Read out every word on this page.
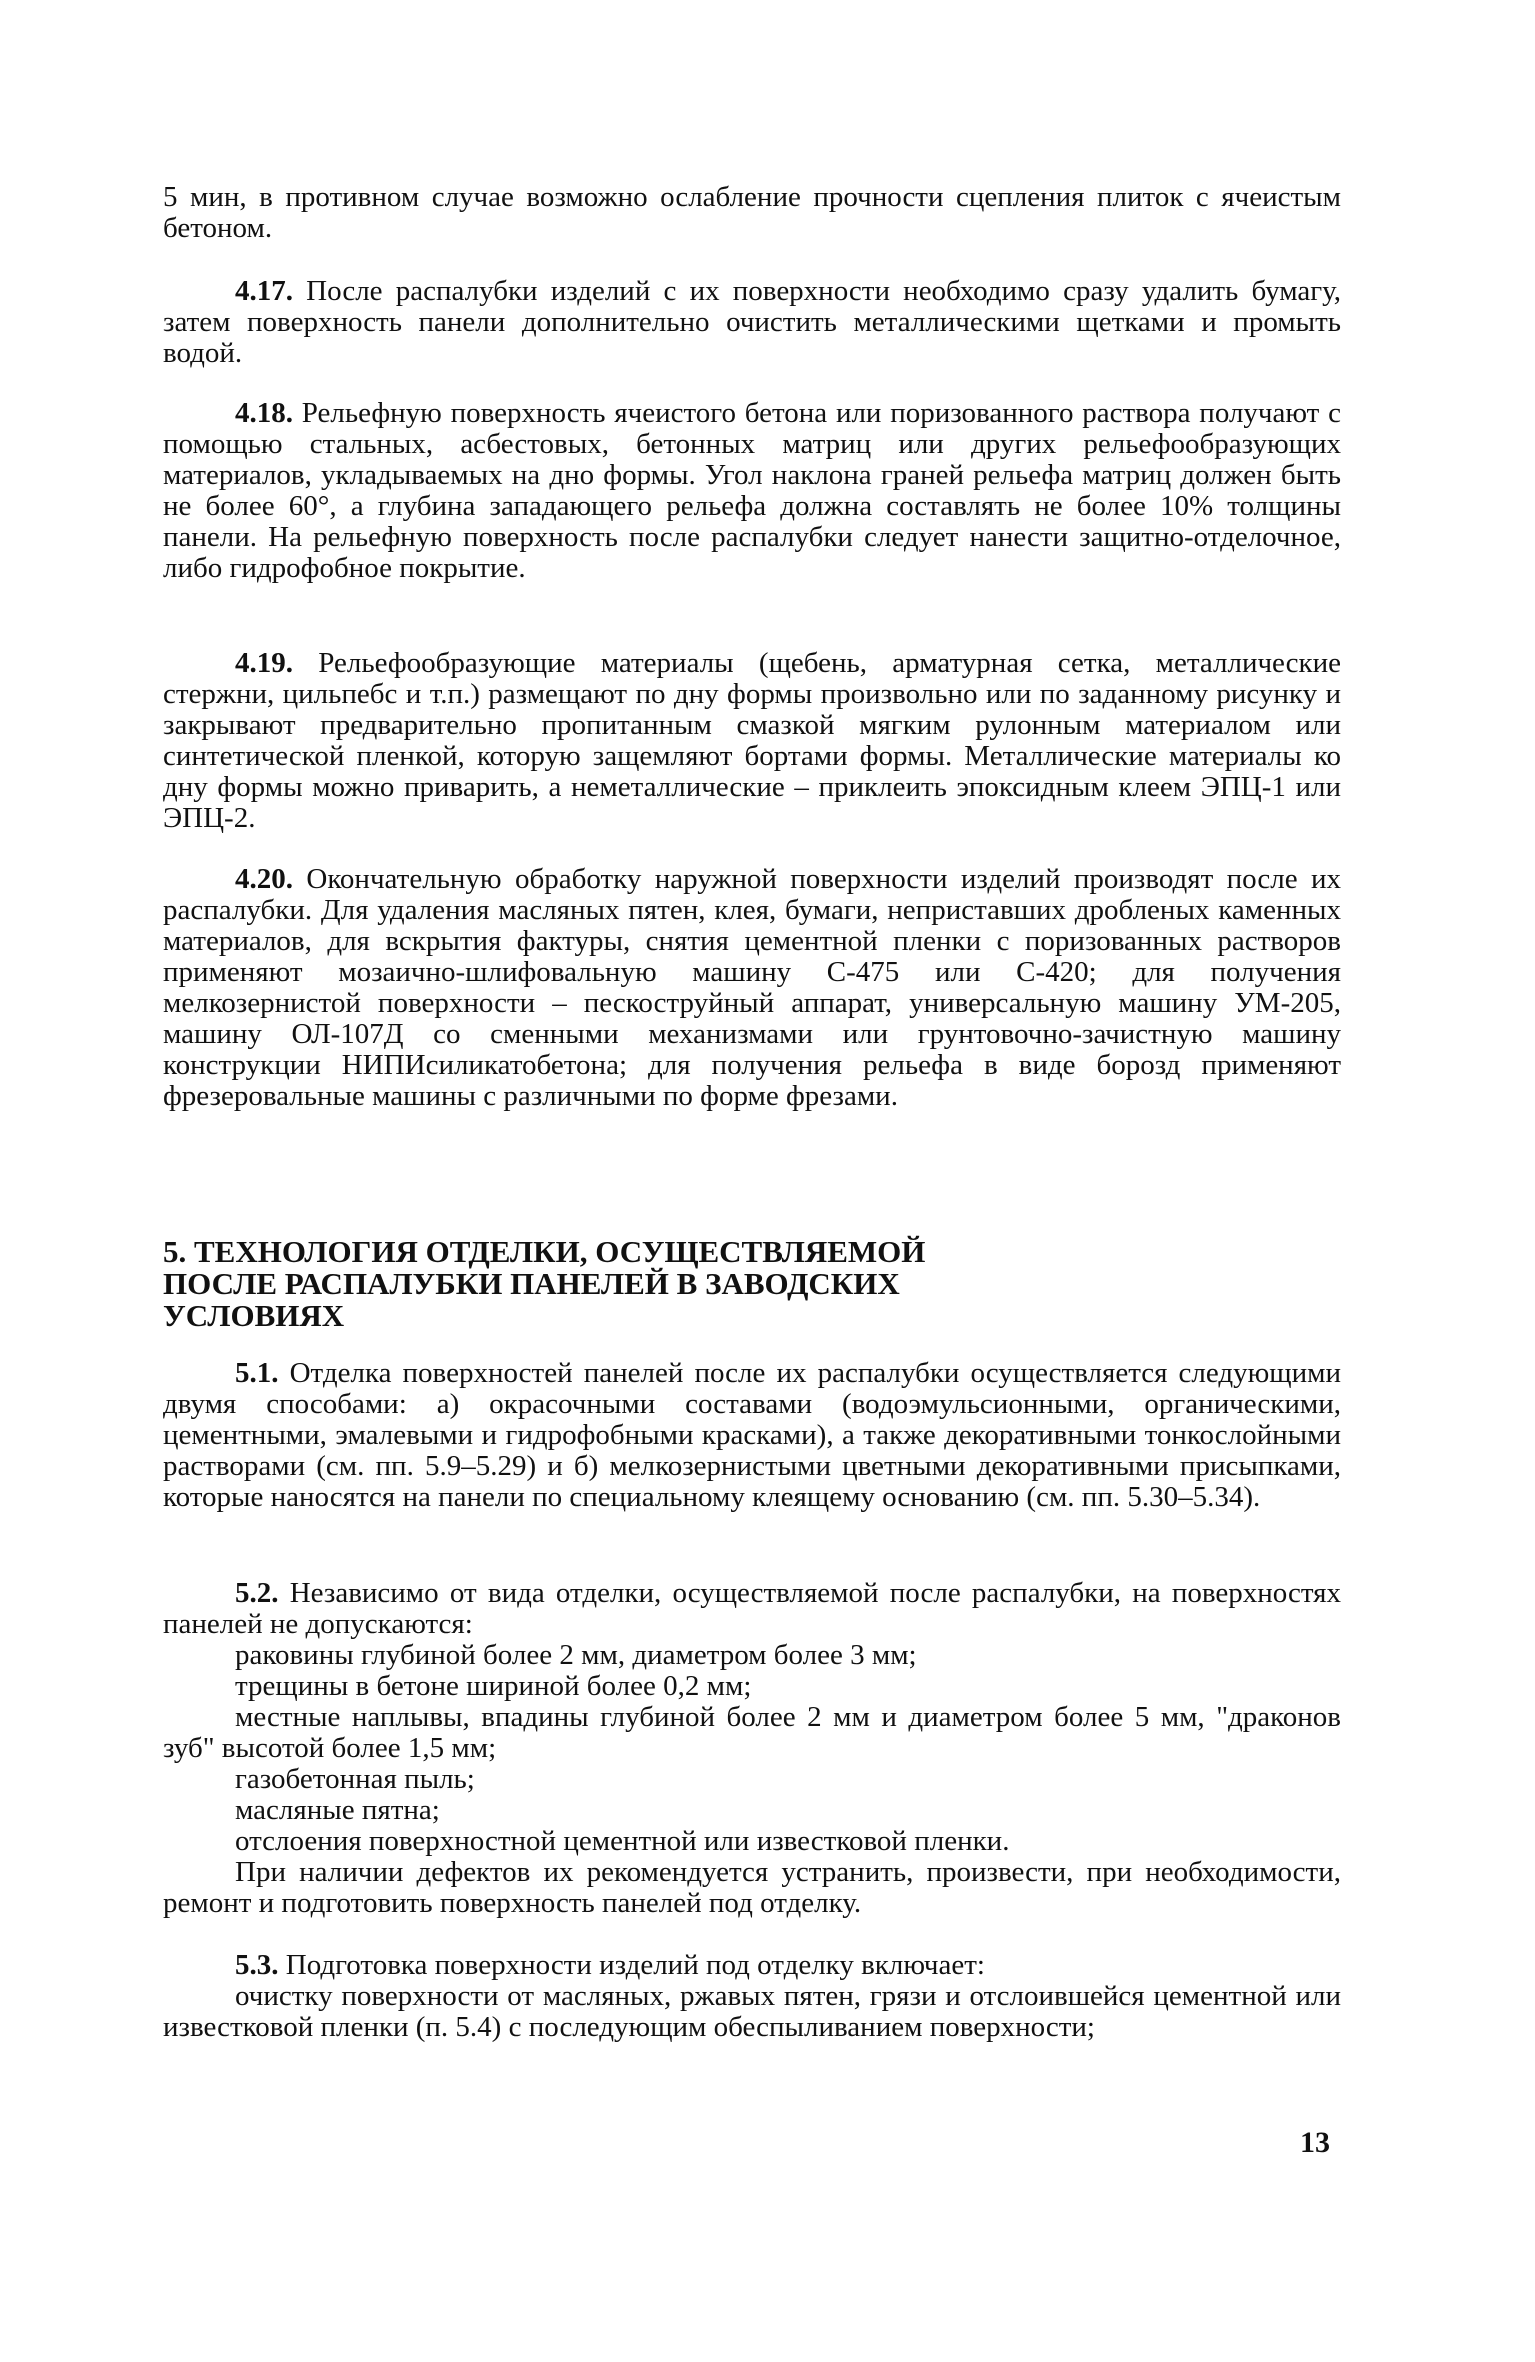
5 мин, в противном случае возможно ослабление прочности сцепления плиток с ячеистым бетоном.

4.17. После распалубки изделий с их поверхности необходимо сразу удалить бумагу, затем поверхность панели дополнительно очистить металлическими щетками и промыть водой.

4.18. Рельефную поверхность ячеистого бетона или поризованного раствора получают с помощью стальных, асбестовых, бетонных матриц или других рельефообразующих материалов, укладываемых на дно формы. Угол наклона граней рельефа матриц должен быть не более 60°, а глубина западающего рельефа должна составлять не более 10% толщины панели. На рельефную поверхность после распалубки следует нанести защитно-отделочное, либо гидрофобное покрытие.

4.19. Рельефообразующие материалы (щебень, арматурная сетка, металлические стержни, цильпебс и т.п.) размещают по дну формы произвольно или по заданному рисунку и закрывают предварительно пропитанным смазкой мягким рулонным материалом или синтетической пленкой, которую защемляют бортами формы. Металлические материалы ко дну формы можно приварить, а неметаллические – приклеить эпоксидным клеем ЭПЦ-1 или ЭПЦ-2.

4.20. Окончательную обработку наружной поверхности изделий производят после их распалубки. Для удаления масляных пятен, клея, бумаги, неприставших дробленых каменных материалов, для вскрытия фактуры, снятия цементной пленки с поризованных растворов применяют мозаично-шлифовальную машину С-475 или С-420; для получения мелкозернистой поверхности – пескоструйный аппарат, универсальную машину УМ-205, машину ОЛ-107Д со сменными механизмами или грунтовочно-зачистную машину конструкции НИПИсиликатобетона; для получения рельефа в виде борозд применяют фрезеровальные машины с различными по форме фрезами.

5. ТЕХНОЛОГИЯ ОТДЕЛКИ, ОСУЩЕСТВЛЯЕМОЙ
ПОСЛЕ РАСПАЛУБКИ ПАНЕЛЕЙ В ЗАВОДСКИХ
УСЛОВИЯХ

5.1. Отделка поверхностей панелей после их распалубки осуществляется следующими двумя способами: а) окрасочными составами (водоэмульсионными, органическими, цементными, эмалевыми и гидрофобными красками), а также декоративными тонкослойными растворами (см. пп. 5.9–5.29) и б) мелкозернистыми цветными декоративными присыпками, которые наносятся на панели по специальному клеящему основанию (см. пп. 5.30–5.34).

5.2. Независимо от вида отделки, осуществляемой после распалубки, на поверхностях панелей не допускаются:

раковины глубиной более 2 мм, диаметром более 3 мм;

трещины в бетоне шириной более 0,2 мм;

местные наплывы, впадины глубиной более 2 мм и диаметром более 5 мм, "драконов зуб" высотой более 1,5 мм;

газобетонная пыль;

масляные пятна;

отслоения поверхностной цементной или известковой пленки.

При наличии дефектов их рекомендуется устранить, произвести, при необходимости, ремонт и подготовить поверхность панелей под отделку.

5.3. Подготовка поверхности изделий под отделку включает:

очистку поверхности от масляных, ржавых пятен, грязи и отслоившейся цементной или известковой пленки (п. 5.4) с последующим обеспыливанием поверхности;

13
